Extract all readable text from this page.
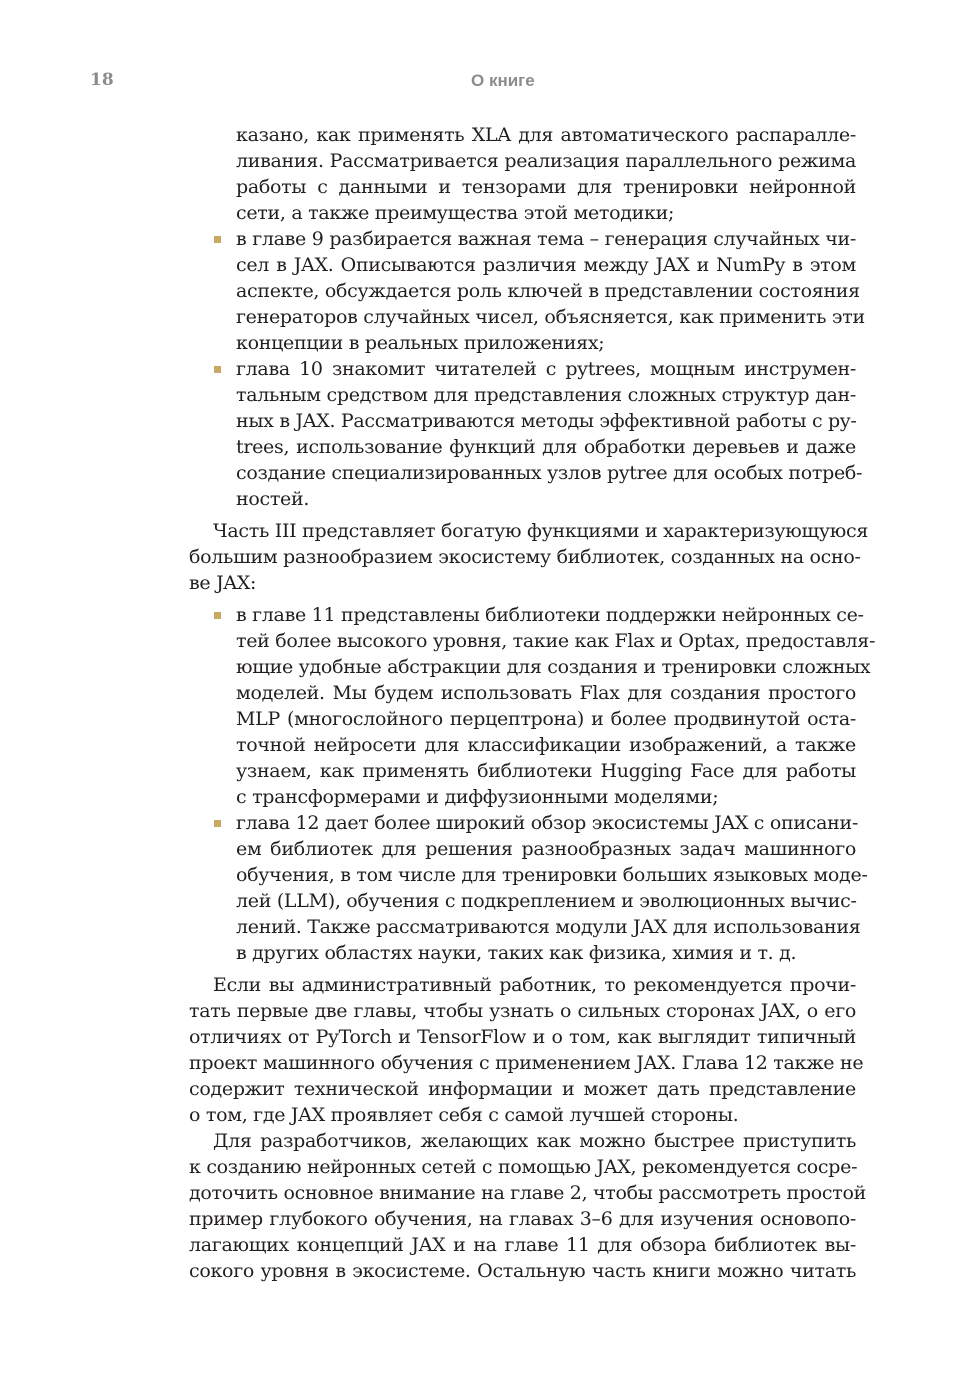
18	О книге
казано, как применять XLA для автоматического распаралле-
ливания. Рассматривается реализация параллельного режима
работы с данными и тензорами для тренировки нейронной
сети, а также преимущества этой методики;
в главе 9 разбирается важная тема – генерация случайных чи-
сел в JAX. Описываются различия между JAX и NumPy в этом
аспекте, обсуждается роль ключей в представлении состояния
генераторов случайных чисел, объясняется, как применить эти
концепции в реальных приложениях;
глава 10 знакомит читателей с pytrees, мощным инструмен-
тальным средством для представления сложных структур дан-
ных в JAX. Рассматриваются методы эффективной работы с py-
trees, использование функций для обработки деревьев и даже
создание специализированных узлов pytree для особых потреб-
ностей.
Часть III представляет богатую функциями и характеризующуюся
большим разнообразием экосистему библиотек, созданных на осно-
ве JAX:
в главе 11 представлены библиотеки поддержки нейронных се-
тей более высокого уровня, такие как Flax и Optax, предоставля-
ющие удобные абстракции для создания и тренировки сложных
моделей. Мы будем использовать Flax для создания простого
MLP (многослойного перцептрона) и более продвинутой оста-
точной нейросети для классификации изображений, а также
узнаем, как применять библиотеки Hugging Face для работы
с трансформерами и диффузионными моделями;
глава 12 дает более широкий обзор экосистемы JAX с описани-
ем библиотек для решения разнообразных задач машинного
обучения, в том числе для тренировки больших языковых моде-
лей (LLM), обучения с подкреплением и эволюционных вычис-
лений. Также рассматриваются модули JAX для использования
в других областях науки, таких как физика, химия и т. д.
Если вы административный работник, то рекомендуется прочи-
тать первые две главы, чтобы узнать о сильных сторонах JAX, о его
отличиях от PyTorch и TensorFlow и о том, как выглядит типичный
проект машинного обучения с применением JAX. Глава 12 также не
содержит технической информации и может дать представление
о том, где JAX проявляет себя с самой лучшей стороны.
Для разработчиков, желающих как можно быстрее приступить
к созданию нейронных сетей с помощью JAX, рекомендуется сосре-
доточить основное внимание на главе 2, чтобы рассмотреть простой
пример глубокого обучения, на главах 3–6 для изучения основопо-
лагающих концепций JAX и на главе 11 для обзора библиотек вы-
сокого уровня в экосистеме. Остальную часть книги можно читать
